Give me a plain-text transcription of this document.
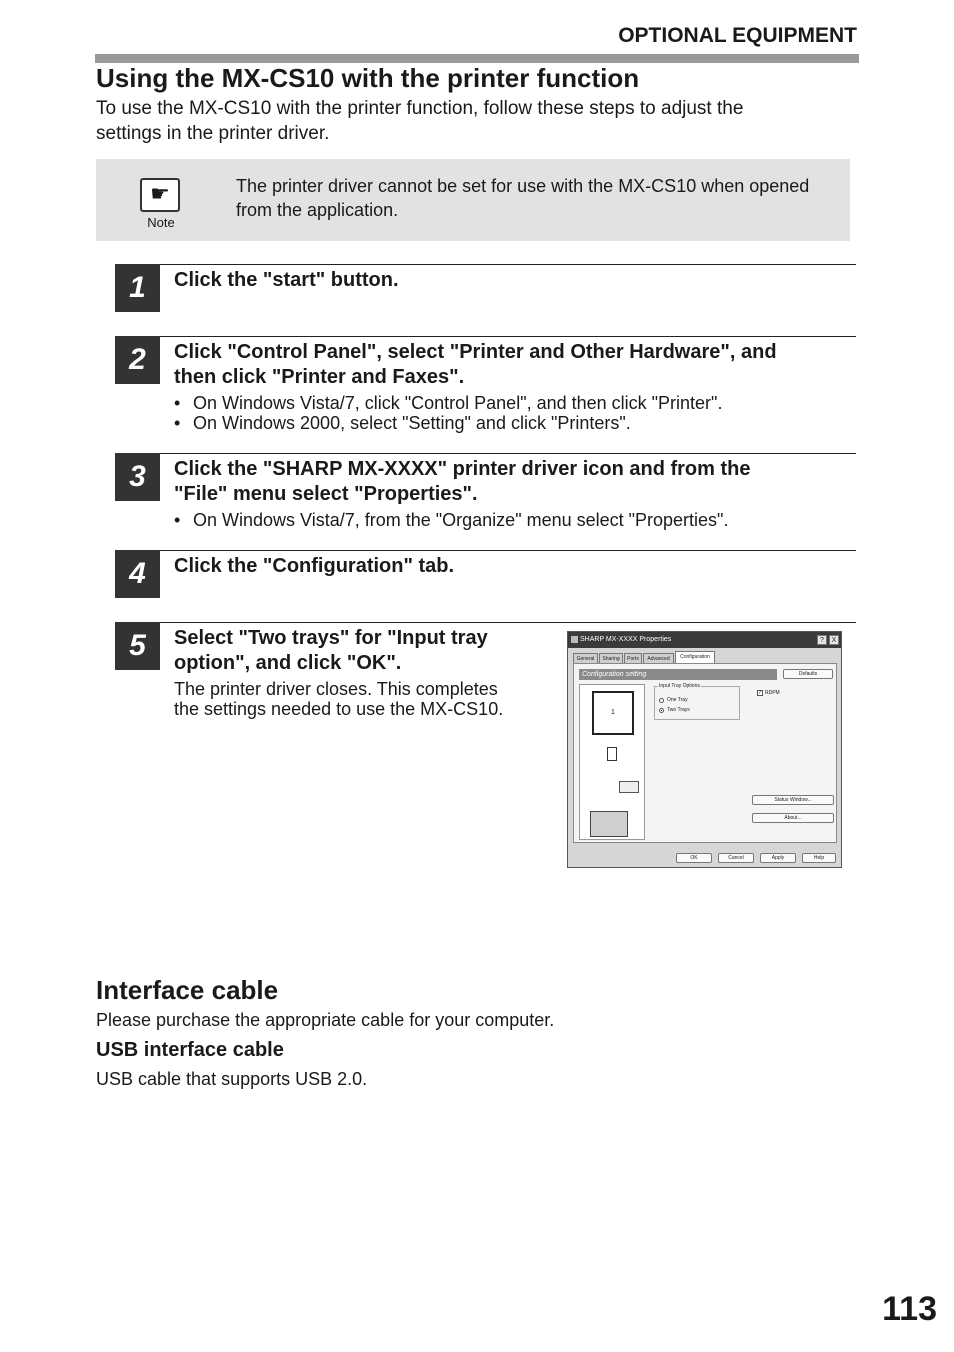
OPTIONAL EQUIPMENT
Using the MX-CS10 with the printer function
To use the MX-CS10 with the printer function, follow these steps to adjust the
settings in the printer driver.
☛
Note
The printer driver cannot be set for use with the MX-CS10 when opened
from the application.
1	Click the "start" button.
2	Click "Control Panel", select "Printer and Other Hardware", and
then click "Printer and Faxes".
• On Windows Vista/7, click "Control Panel", and then click "Printer".
• On Windows 2000, select "Setting" and click "Printers".
3	Click the "SHARP MX-XXXX" printer driver icon and from the
"File" menu select "Properties".
• On Windows Vista/7, from the "Organize" menu select "Properties".
4	Click the "Configuration" tab.
5	Select "Two trays" for "Input tray
option", and click "OK".
The printer driver closes. This completes
the settings needed to use the MX-CS10.
SHARP MX-XXXX Properties	?	X
General	Sharing	Ports	Advanced	Configuration
Configuration setting	Defaults
1
Input Tray Options
One Tray
Two Trays
✓ RDPM
Status Window...
About...
OK	Cancel	Apply	Help
Interface cable
Please purchase the appropriate cable for your computer.
USB interface cable
USB cable that supports USB 2.0.
113
